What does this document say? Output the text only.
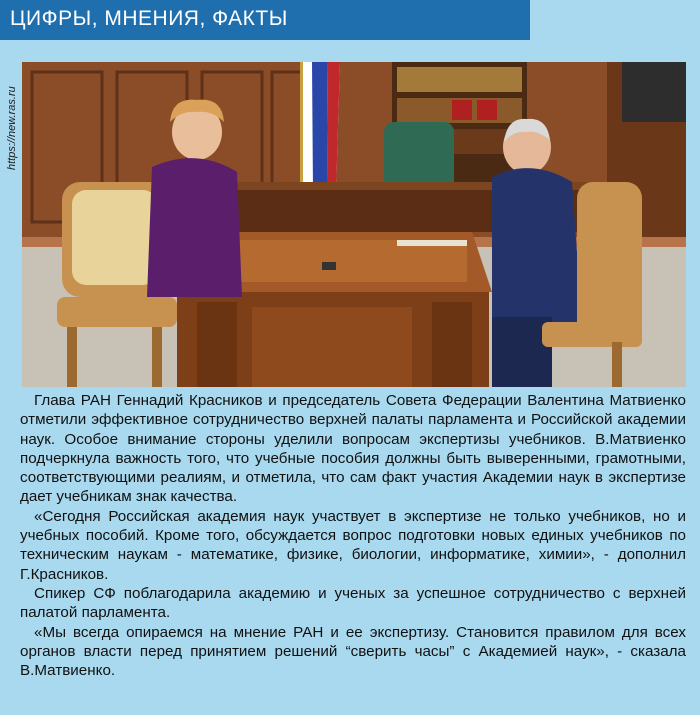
ЦИФРЫ, МНЕНИЯ, ФАКТЫ
https://new.ras.ru

Глава РАН Геннадий Красников и председатель Совета Федерации Валентина Матвиенко отметили эффективное сотрудничество верхней палаты парламента и Российской академии наук. Особое внимание стороны уделили вопросам экспертизы учебников. В.Матвиенко подчеркнула важность того, что учебные пособия должны быть выверенными, грамотными, соответствующими реалиям, и отметила, что сам факт участия Академии наук в экспертизе дает учебникам знак качества.

«Сегодня Российская академия наук участвует в экспертизе не только учебников, но и учебных пособий. Кроме того, обсуждается вопрос подготовки новых единых учебников по техническим наукам - математике, физике, биологии, информатике, химии», - дополнил Г.Красников.

Спикер СФ поблагодарила академию и ученых за успешное сотрудничество с верхней палатой парламента.

«Мы всегда опираемся на мнение РАН и ее экспертизу. Становится правилом для всех органов власти перед принятием решений “сверить часы” с Академией наук», - сказала В.Матвиенко.
